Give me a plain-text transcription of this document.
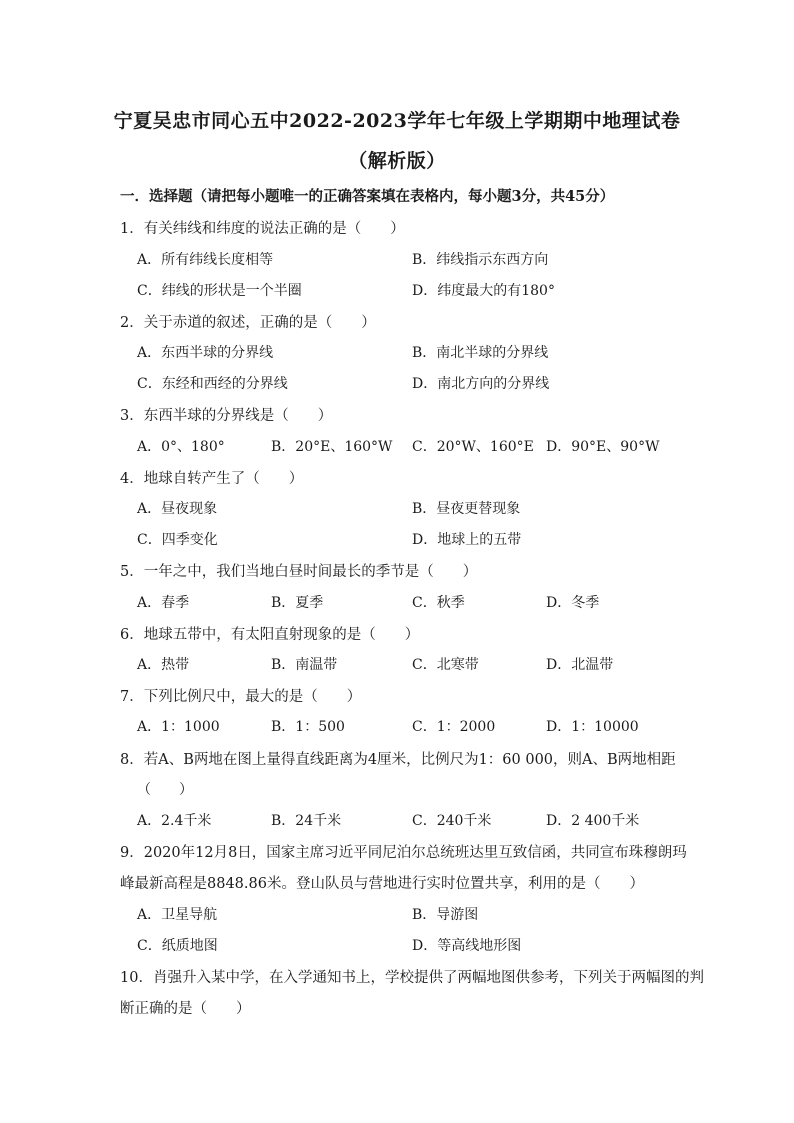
宁夏吴忠市同心五中2022-2023学年七年级上学期期中地理试卷
（解析版）
一．选择题（请把每小题唯一的正确答案填在表格内，每小题3分，共45分）
1．有关纬线和纬度的说法正确的是（　　）
A．所有纬线长度相等	B．纬线指示东西方向
C．纬线的形状是一个半圈	D．纬度最大的有180°
2．关于赤道的叙述，正确的是（　　）
A．东西半球的分界线	B．南北半球的分界线
C．东经和西经的分界线	D．南北方向的分界线
3．东西半球的分界线是（　　）
A．0°、180°	B．20°E、160°W C．20°W、160°E D．90°E、90°W
4．地球自转产生了（　　）
A．昼夜现象	B．昼夜更替现象
C．四季变化	D．地球上的五带
5．一年之中，我们当地白昼时间最长的季节是（　　）
A．春季	B．夏季	C．秋季	D．冬季
6．地球五带中，有太阳直射现象的是（　　）
A．热带	B．南温带	C．北寒带	D．北温带
7．下列比例尺中，最大的是（　　）
A．1：1000	B．1：500	C．1：2000	D．1：10000
8．若A、B两地在图上量得直线距离为4厘米，比例尺为1：60 000，则A、B两地相距
（　　）
A．2.4千米	B．24千米	C．240千米	D．2 400千米
9．2020年12月8日，国家主席习近平同尼泊尔总统班达里互致信函，共同宣布珠穆朗玛
峰最新高程是8848.86米。登山队员与营地进行实时位置共享，利用的是（　　）
A．卫星导航	B．导游图
C．纸质地图	D．等高线地形图
10．肖强升入某中学，在入学通知书上，学校提供了两幅地图供参考，下列关于两幅图的判
断正确的是（　　）
